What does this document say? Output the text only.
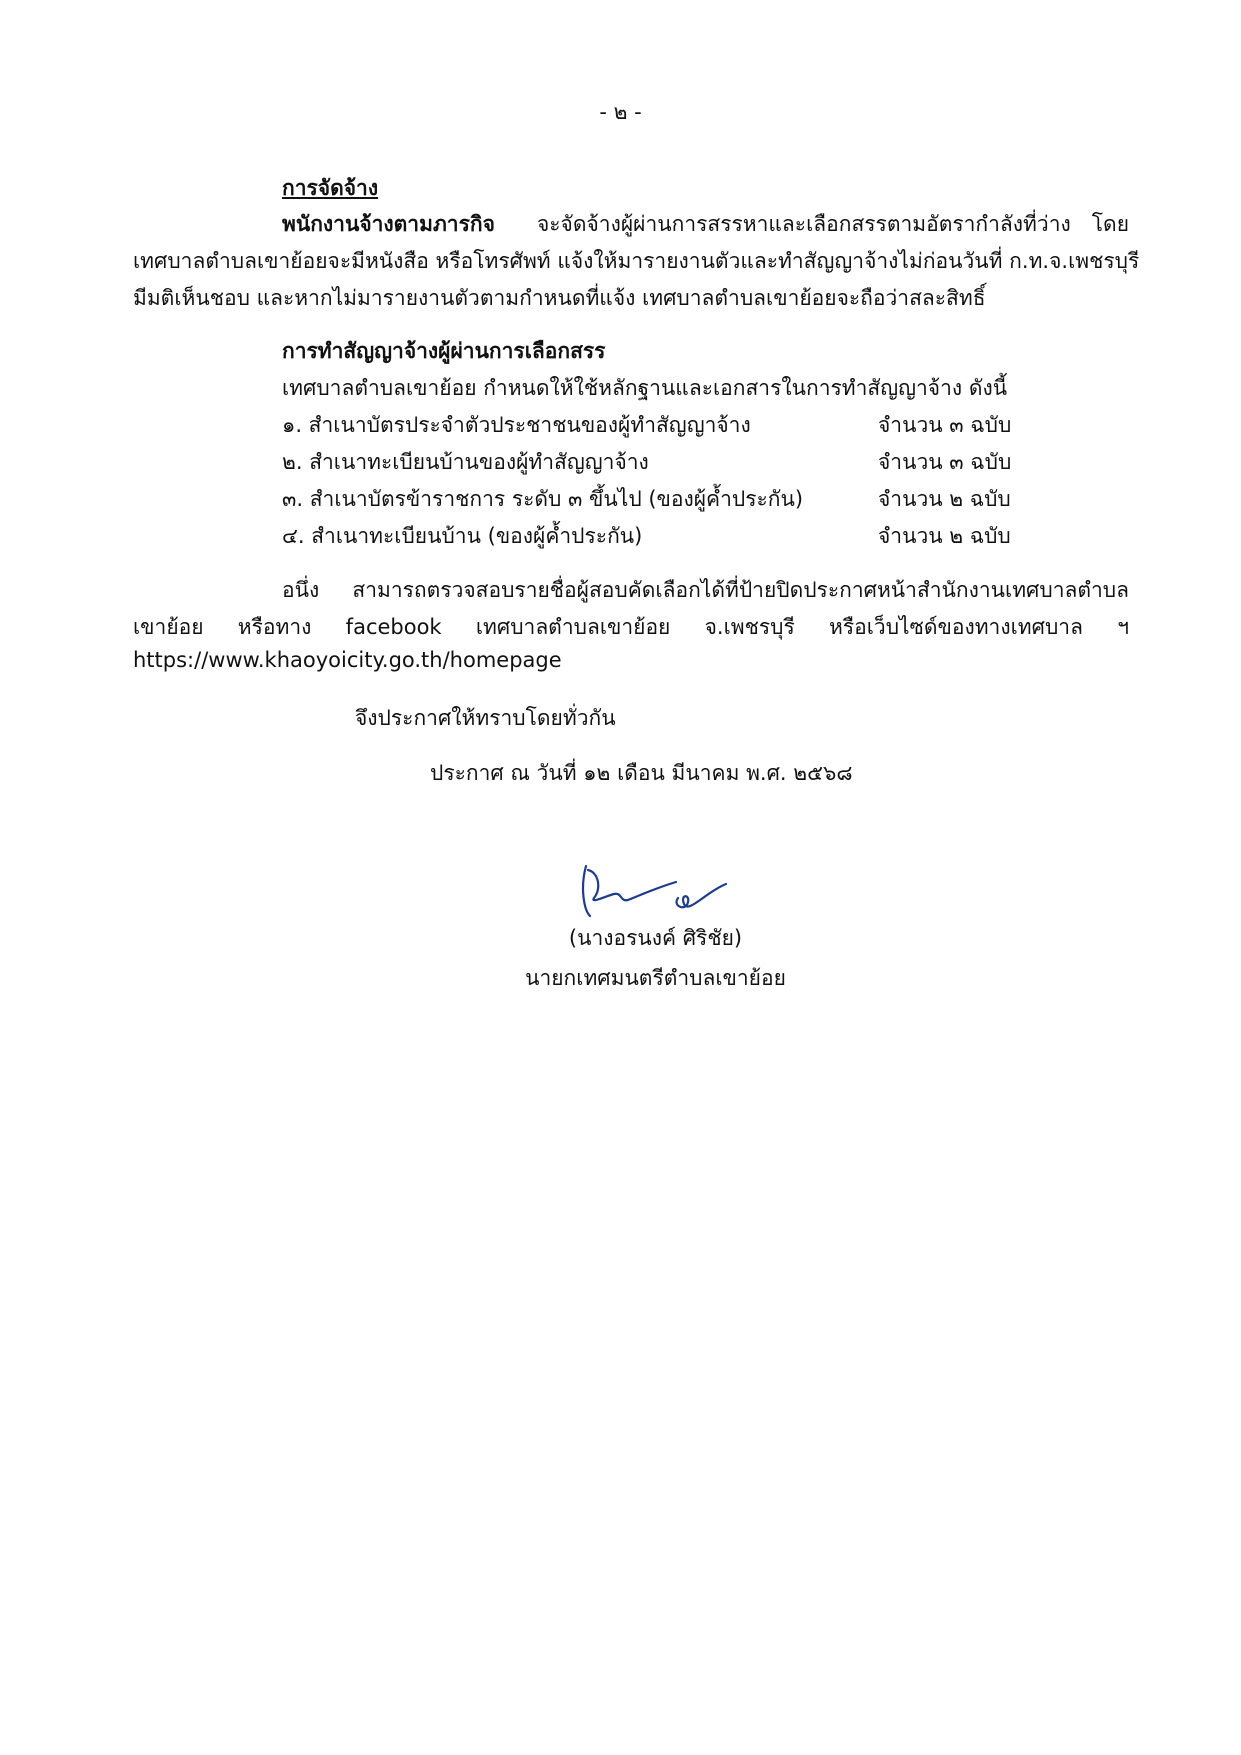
- ๒ -
การจัดจ้าง
พนักงานจ้างตามภารกิจ จะจัดจ้างผู้ผ่านการสรรหาและเลือกสรรตามอัตรากำลังที่ว่าง โดย
เทศบาลตำบลเขาย้อยจะมีหนังสือ หรือโทรศัพท์ แจ้งให้มารายงานตัวและทำสัญญาจ้างไม่ก่อนวันที่ ก.ท.จ.เพชรบุรี
มีมติเห็นชอบ และหากไม่มารายงานตัวตามกำหนดที่แจ้ง เทศบาลตำบลเขาย้อยจะถือว่าสละสิทธิ์
การทำสัญญาจ้างผู้ผ่านการเลือกสรร
เทศบาลตำบลเขาย้อย กำหนดให้ใช้หลักฐานและเอกสารในการทำสัญญาจ้าง ดังนี้
๑. สำเนาบัตรประจำตัวประชาชนของผู้ทำสัญญาจ้าง	จำนวน ๓ ฉบับ
๒. สำเนาทะเบียนบ้านของผู้ทำสัญญาจ้าง	จำนวน ๓ ฉบับ
๓. สำเนาบัตรข้าราชการ ระดับ ๓ ขึ้นไป (ของผู้ค้ำประกัน)	จำนวน ๒ ฉบับ
๔. สำเนาทะเบียนบ้าน (ของผู้ค้ำประกัน)	จำนวน ๒ ฉบับ
อนึ่ง สามารถตรวจสอบรายชื่อผู้สอบคัดเลือกได้ที่ป้ายปิดประกาศหน้าสำนักงานเทศบาลตำบล
เขาย้อย หรือทาง facebook เทศบาลตำบลเขาย้อย จ.เพชรบุรี หรือเว็บไซด์ของทางเทศบาล ฯ
https://www.khaoyoicity.go.th/homepage
จึงประกาศให้ทราบโดยทั่วกัน
ประกาศ ณ วันที่ ๑๒ เดือน มีนาคม พ.ศ. ๒๕๖๘
(นางอรนงค์ ศิริชัย)
นายกเทศมนตรีตำบลเขาย้อย
